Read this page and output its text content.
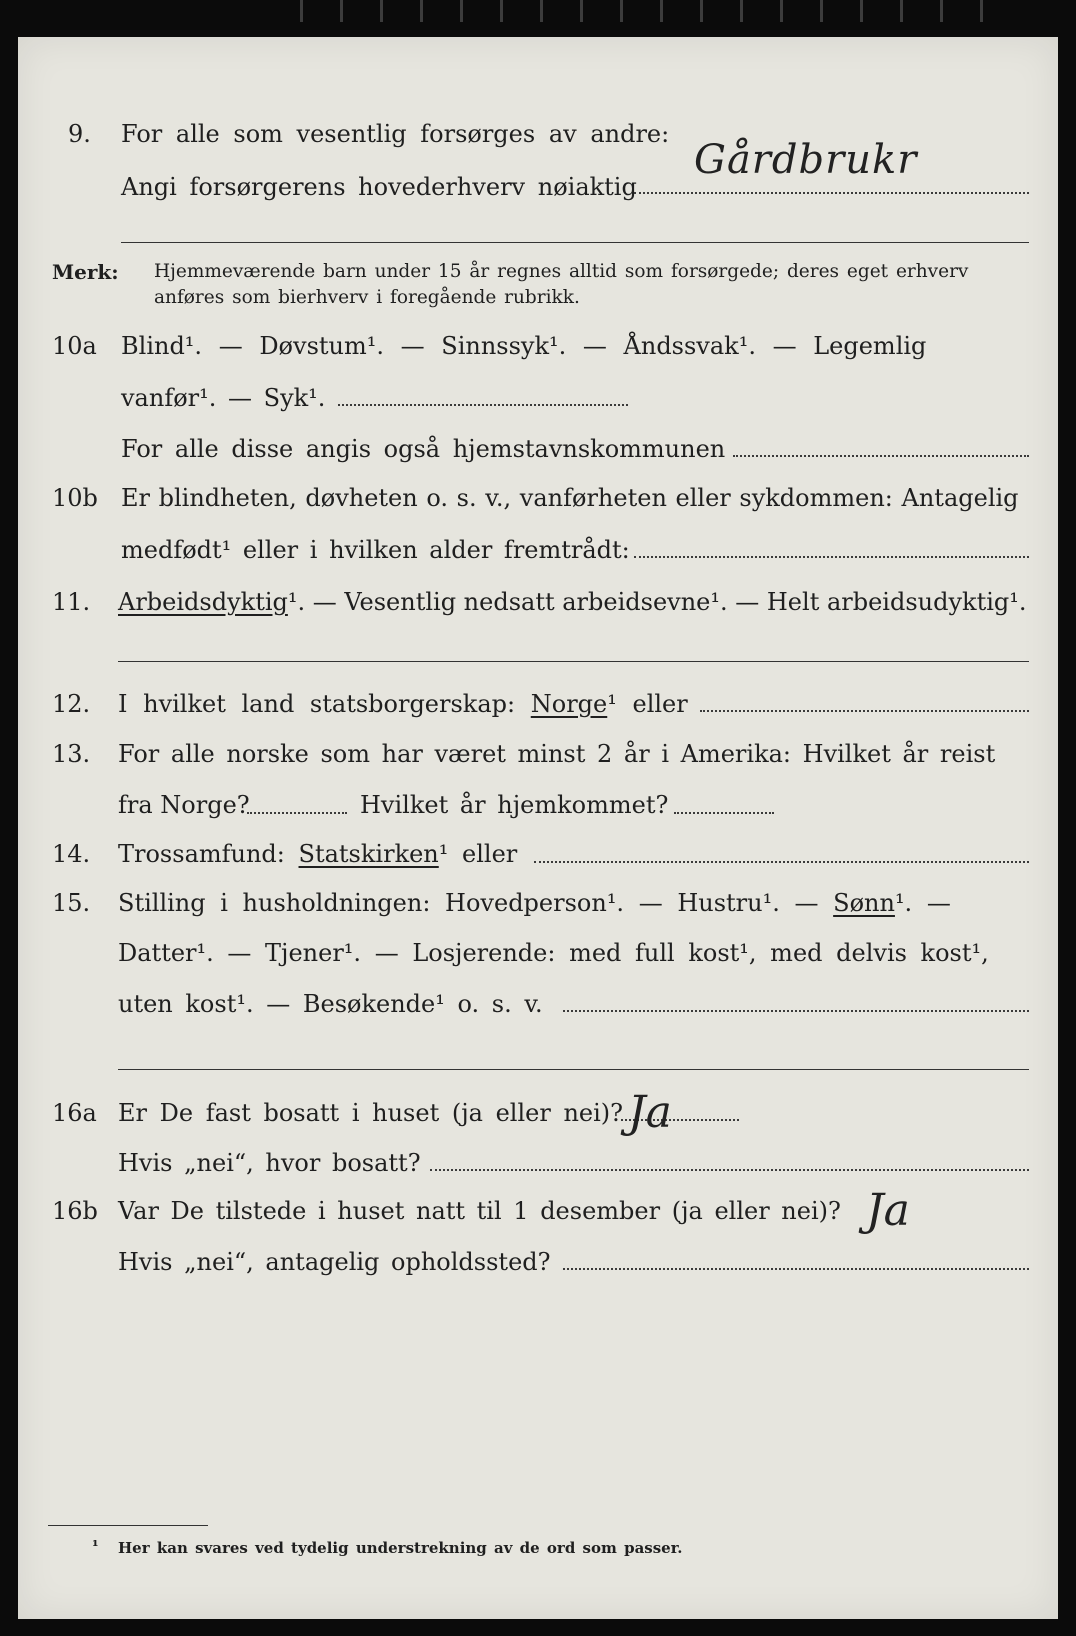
9. For alle som vesentlig forsørges av andre:
Angi forsørgerens hovederhverv nøiaktig
Gårdbrukr
Merk: Hjemmeværende barn under 15 år regnes alltid som forsørgede; deres eget erhverv
anføres som bierhverv i foregående rubrikk.
10a Blind¹. — Døvstum¹. — Sinnssyk¹. — Åndssvak¹. — Legemlig
vanfør¹. — Syk¹.
For alle disse angis også hjemstavnskommunen
10b Er blindheten, døvheten o. s. v., vanførheten eller sykdommen: Antagelig
medfødt¹ eller i hvilken alder fremtrådt:
11. Arbeidsdyktig¹. — Vesentlig nedsatt arbeidsevne¹. — Helt arbeidsudyktig¹.
12. I hvilket land statsborgerskap: Norge¹ eller
13. For alle norske som har været minst 2 år i Amerika: Hvilket år reist
fra Norge?	Hvilket år hjemkommet?
14. Trossamfund: Statskirken¹ eller
15. Stilling i husholdningen: Hovedperson¹. — Hustru¹. — Sønn¹. —
Datter¹. — Tjener¹. — Losjerende: med full kost¹, med delvis kost¹,
uten kost¹. — Besøkende¹ o. s. v.
16a Er De fast bosatt i huset (ja eller nei)? Ja
Hvis „nei“, hvor bosatt?
16b Var De tilstede i huset natt til 1 desember (ja eller nei)? Ja
Hvis „nei“, antagelig opholdssted?
¹ Her kan svares ved tydelig understrekning av de ord som passer.
